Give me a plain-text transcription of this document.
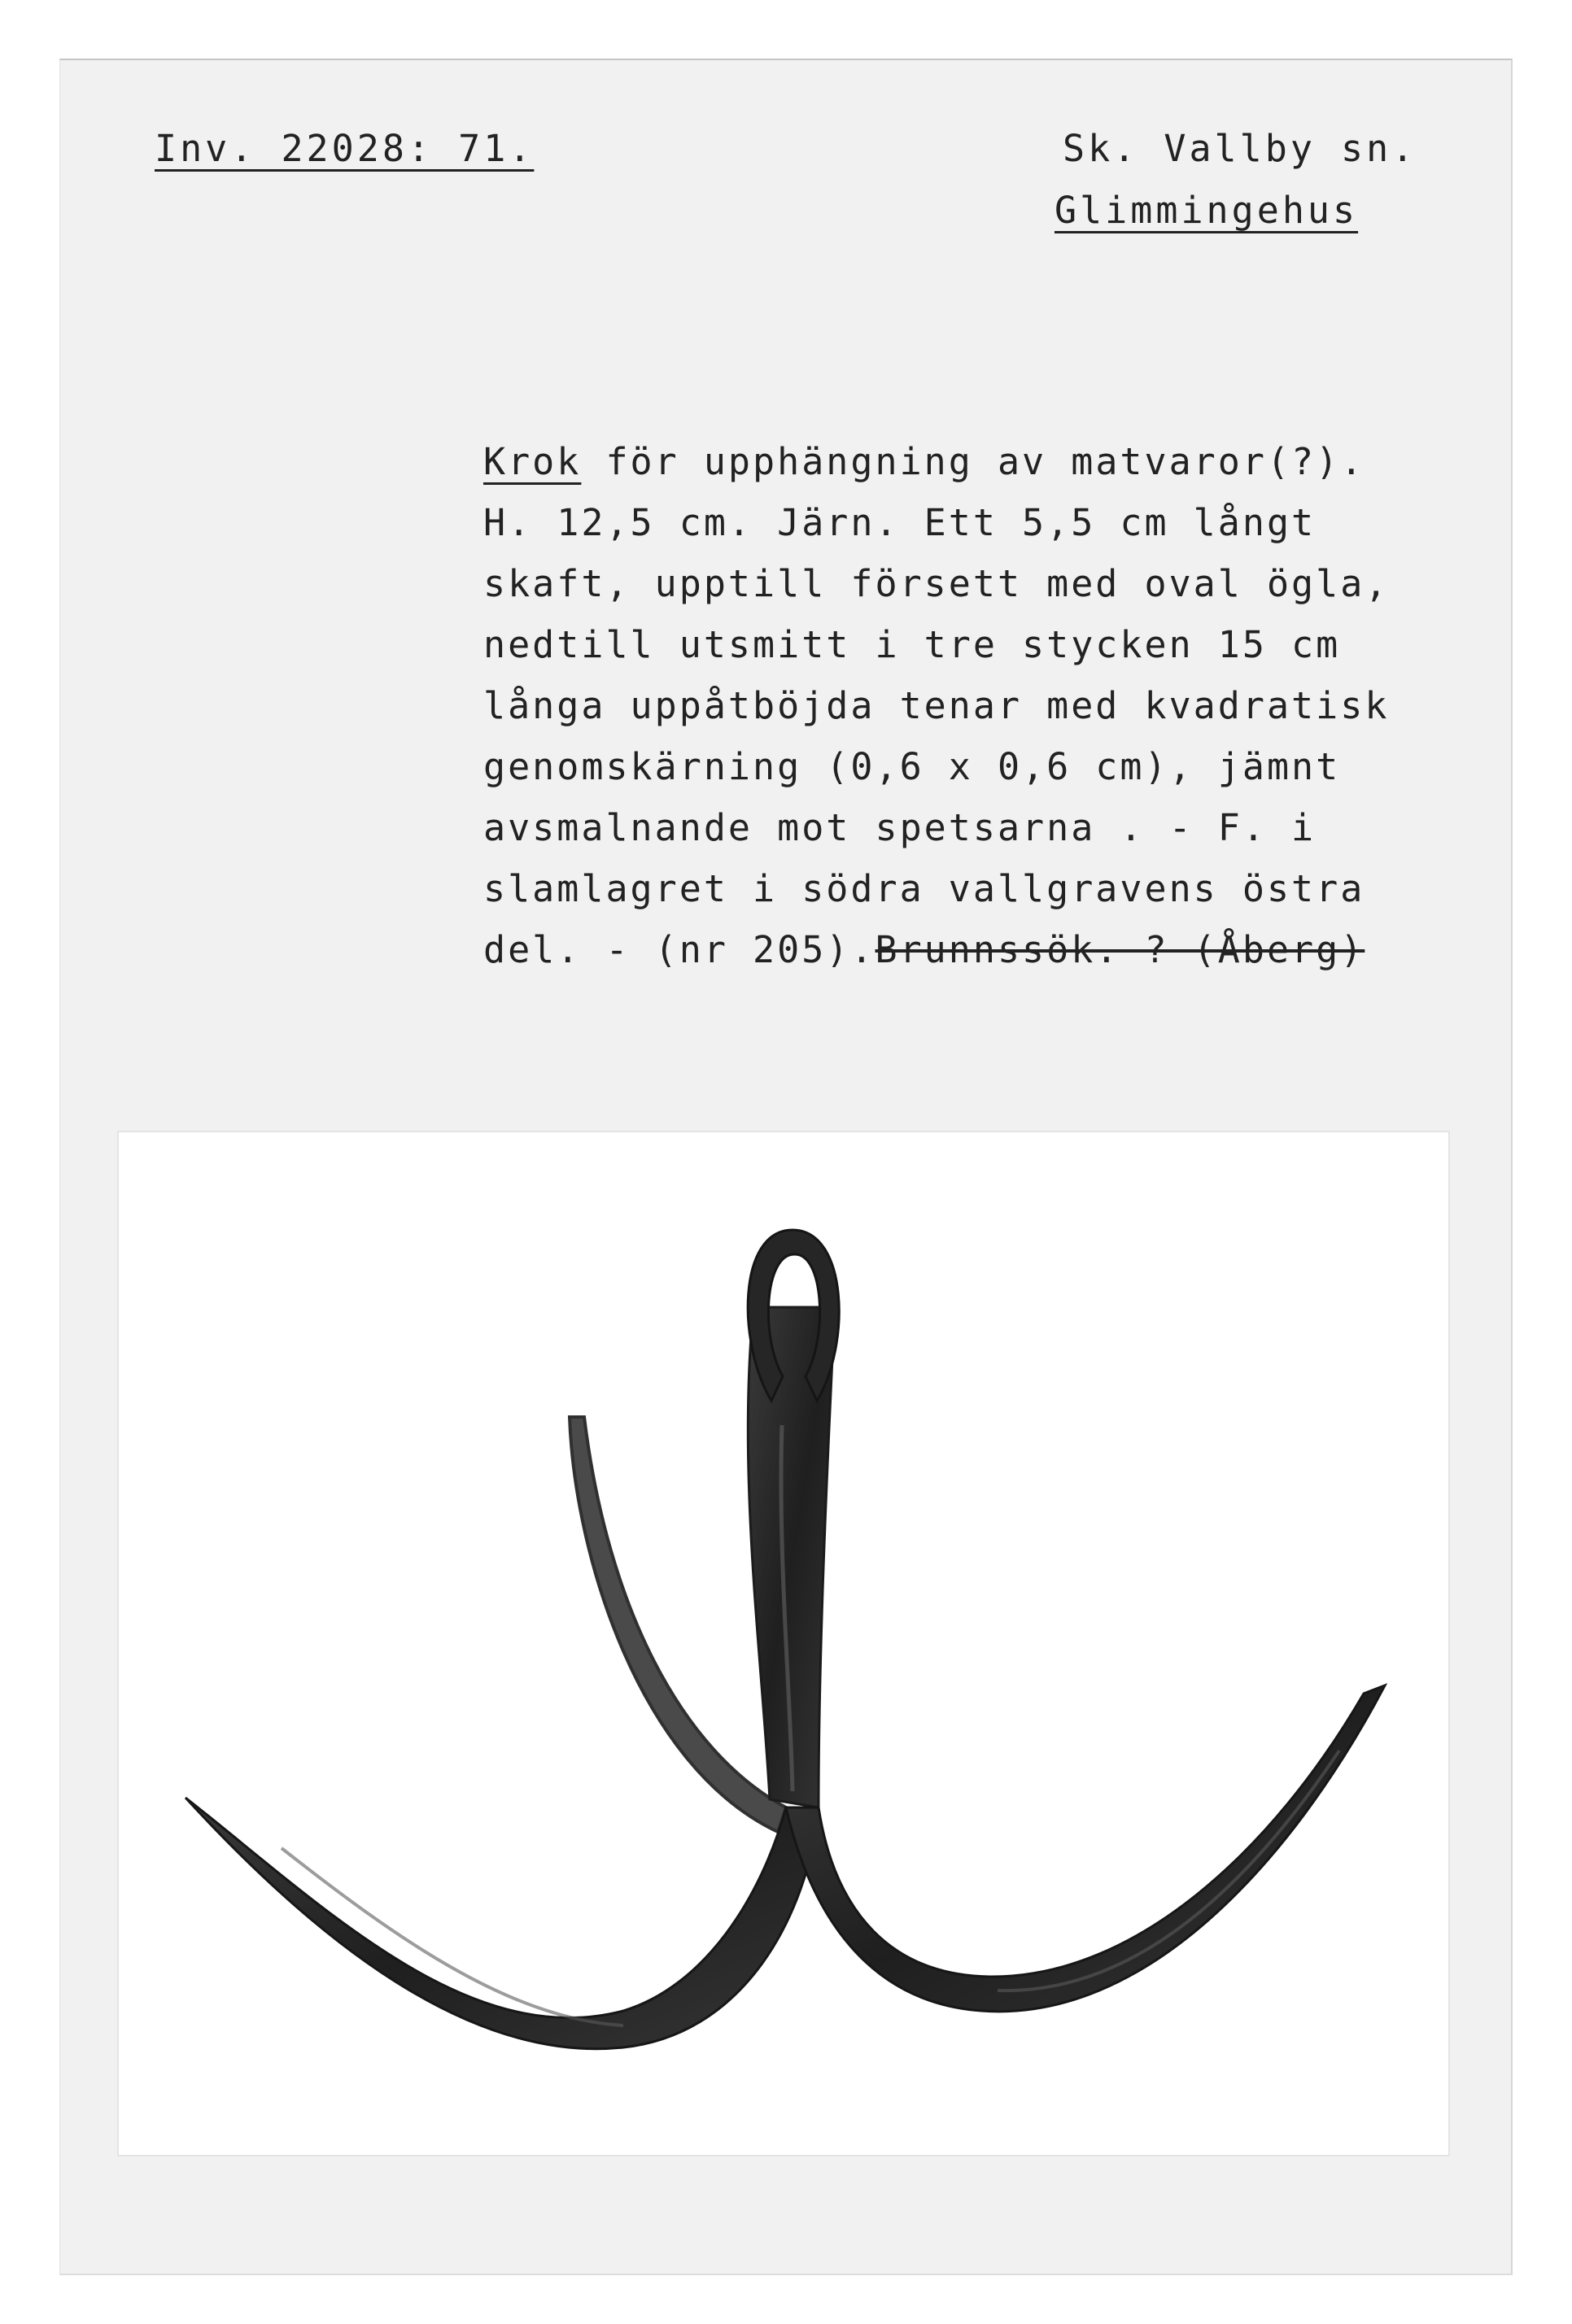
Inv. 22028: 71.	Sk. Vallby sn.
Glimmingehus
Krok för upphängning av matvaror(?).
H. 12,5 cm. Järn. Ett 5,5 cm långt
skaft, upptill försett med oval ögla,
nedtill utsmitt i tre stycken 15 cm
långa uppåtböjda tenar med kvadratisk
genomskärning (0,6 x 0,6 cm), jämnt
avsmalnande mot spetsarna . - F. i
slamlagret i södra vallgravens östra
del. - (nr 205).Brunnssök. ? (Åberg)
